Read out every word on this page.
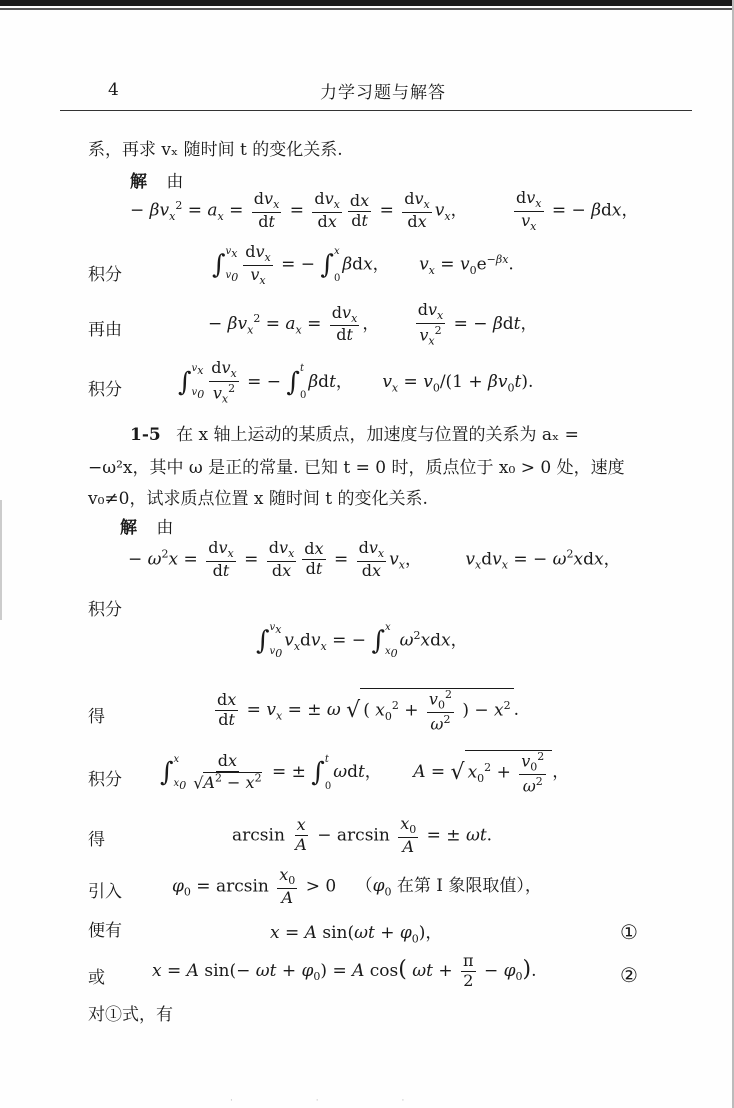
4	力学习题与解答
系，再求 vₓ 随时间 t 的变化关系.
解 由
− $\beta v_x^2 = a_x$ =
$dv_x$
dt
=
$dv_x$
dx $\frac{dx}{dt}$ =
$dv_x$
dx
$v_x$，
$dv_x$
$v_x$
= − βdx，
积分	∫ $v_x$
$v_0$
$dv_x$
$v_x$
= − ∫ x
0
βdx， $v_x = v_0e^{-\beta x}$.
再由	− $\beta v_x^2 = a_x$ =
$dv_x$
dt
，
$dv_x$
$v_x^2$ = − βdt，
积分 ∫ $v_x$
$v_0$
$dv_x$
$v_x^2$ = − ∫ t
0
βdt， $v_x = v_0/(1 + \beta v_0t)$.
1-5 在 x 轴上运动的某质点，加速度与位置的关系为 aₓ =
−ω²x，其中 ω 是正的常量. 已知 t = 0 时，质点位于 x₀ > 0 处，速度
v₀≠0，试求质点位置 x 随时间 t 的变化关系.
解 由
− $\omega^2x$ =
$dv_x$
dt
=
$dv_x$
dx $\frac{dx}{dt}$ =
$dv_x$
dx
$v_x$， $v_xdv_x$ = − $\omega^2xdx$，
积分
∫ $v_x$
$v_0$
$v_xdv_x$ = − ∫ x
$x_0$
$\omega^2xdx$，
得	$\frac{dx}{dt} = v_x$ = ± ω √ ( $x_0^2 + \frac{v_0^2}{\omega^2}$ ) − $x^2$ .
积分 ∫ x
$x_0 \frac{dx}{√A^2 - x^2}$ = ± ∫ t
0
ωdt， A = √ $x_0^2 + \frac{v_0^2}{\omega^2}$ ，
得	$\arcsin \frac{x}{A} - \arcsin \frac{x_0}{A}$ = ± ωt.
引入	$\varphi_0 = \arcsin \frac{x_0}{A} > 0$ （$\varphi_0$ 在第 Ⅰ 象限取值），
便有	x = A $\sin(\omega t + \varphi_0)$，	①
或	x = A $\sin(- \omega t + \varphi_0) = A$ cos( $\omega t + \frac{\pi}{2} - \varphi_0$).	②
对①式，有
· · ·
